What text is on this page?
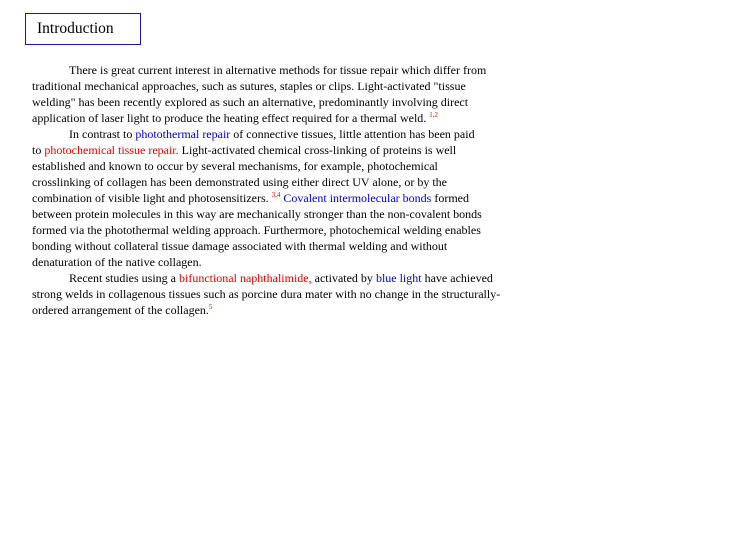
Introduction
There is great current interest in alternative methods for tissue repair which differ from
traditional mechanical approaches, such as sutures, staples or clips. Light-activated "tissue
welding" has been recently explored as such an alternative, predominantly involving direct
application of laser light to produce the heating effect required for a thermal weld. $^{1,2}$
In contrast to photothermal repair of connective tissues, little attention has been paid
to photochemical tissue repair. Light-activated chemical cross-linking of proteins is well
established and known to occur by several mechanisms, for example, photochemical
crosslinking of collagen has been demonstrated using either direct UV alone, or by the
combination of visible light and photosensitizers. $^{3,4}$ Covalent intermolecular bonds formed
between protein molecules in this way are mechanically stronger than the non-covalent bonds
formed via the photothermal welding approach. Furthermore, photochemical welding enables
bonding without collateral tissue damage associated with thermal welding and without
denaturation of the native collagen.
Recent studies using a bifunctional naphthalimide, activated by blue light have achieved
strong welds in collagenous tissues such as porcine dura mater with no change in the structurally-
ordered arrangement of the collagen.$^5$
